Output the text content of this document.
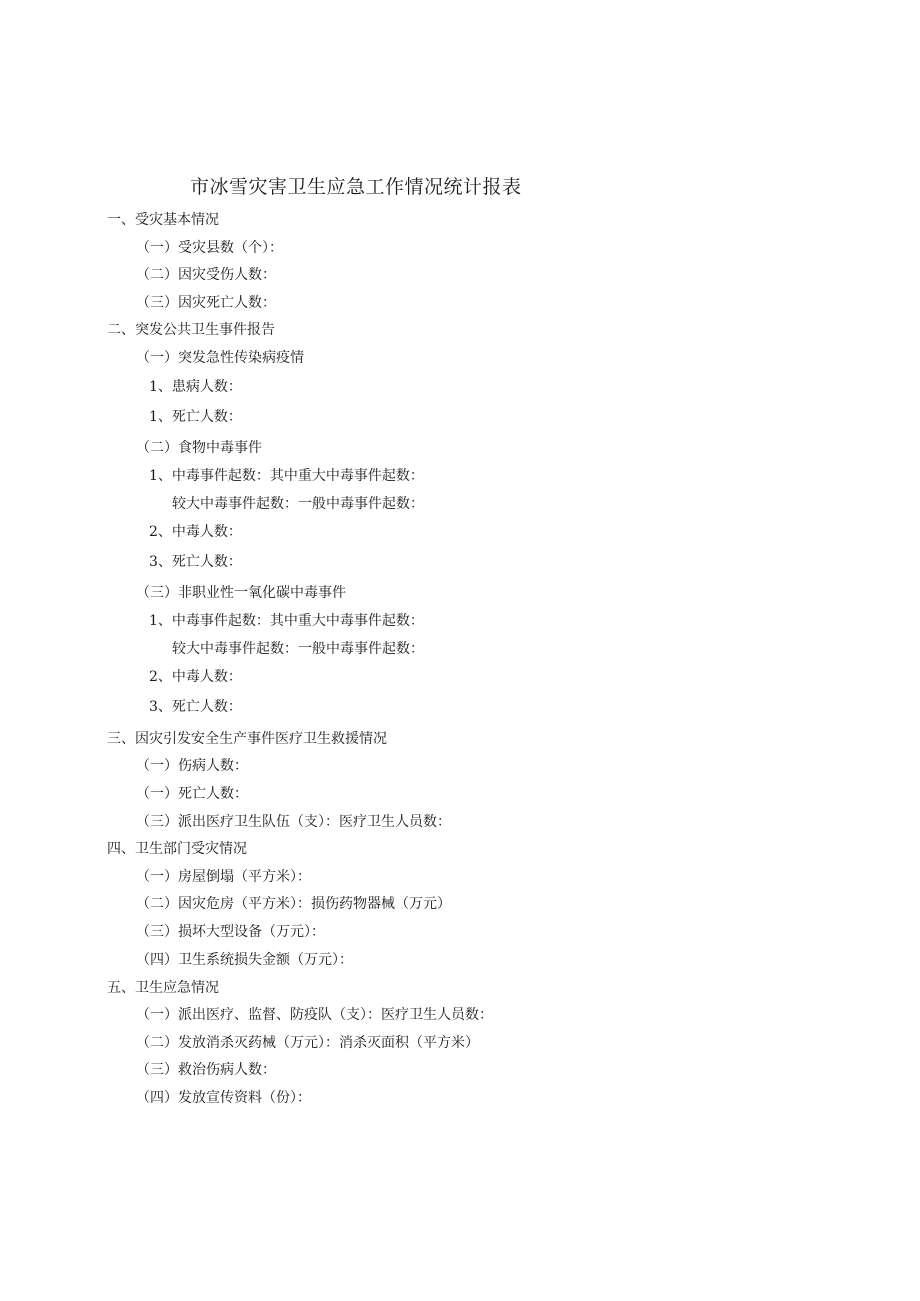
市冰雪灾害卫生应急工作情况统计报表
一、受灾基本情况
（一）受灾县数（个）：
（二）因灾受伤人数：
（三）因灾死亡人数：
二、突发公共卫生事件报告
（一）突发急性传染病疫情
1、患病人数：
1、死亡人数：
（二）食物中毒事件
1、中毒事件起数：其中重大中毒事件起数：
较大中毒事件起数：一般中毒事件起数：
2、中毒人数：
3、死亡人数：
（三）非职业性一氧化碳中毒事件
1、中毒事件起数：其中重大中毒事件起数：
较大中毒事件起数：一般中毒事件起数：
2、中毒人数：
3、死亡人数：
三、因灾引发安全生产事件医疗卫生救援情况
（一）伤病人数：
（一）死亡人数：
（三）派出医疗卫生队伍（支）：医疗卫生人员数：
四、卫生部门受灾情况
（一）房屋倒塌（平方米）：
（二）因灾危房（平方米）：损伤药物器械（万元）
（三）损坏大型设备（万元）：
（四）卫生系统损失金额（万元）：
五、卫生应急情况
（一）派出医疗、监督、防疫队（支）：医疗卫生人员数：
（二）发放消杀灭药械（万元）：消杀灭面积（平方米）
（三）救治伤病人数：
（四）发放宣传资料（份）：
